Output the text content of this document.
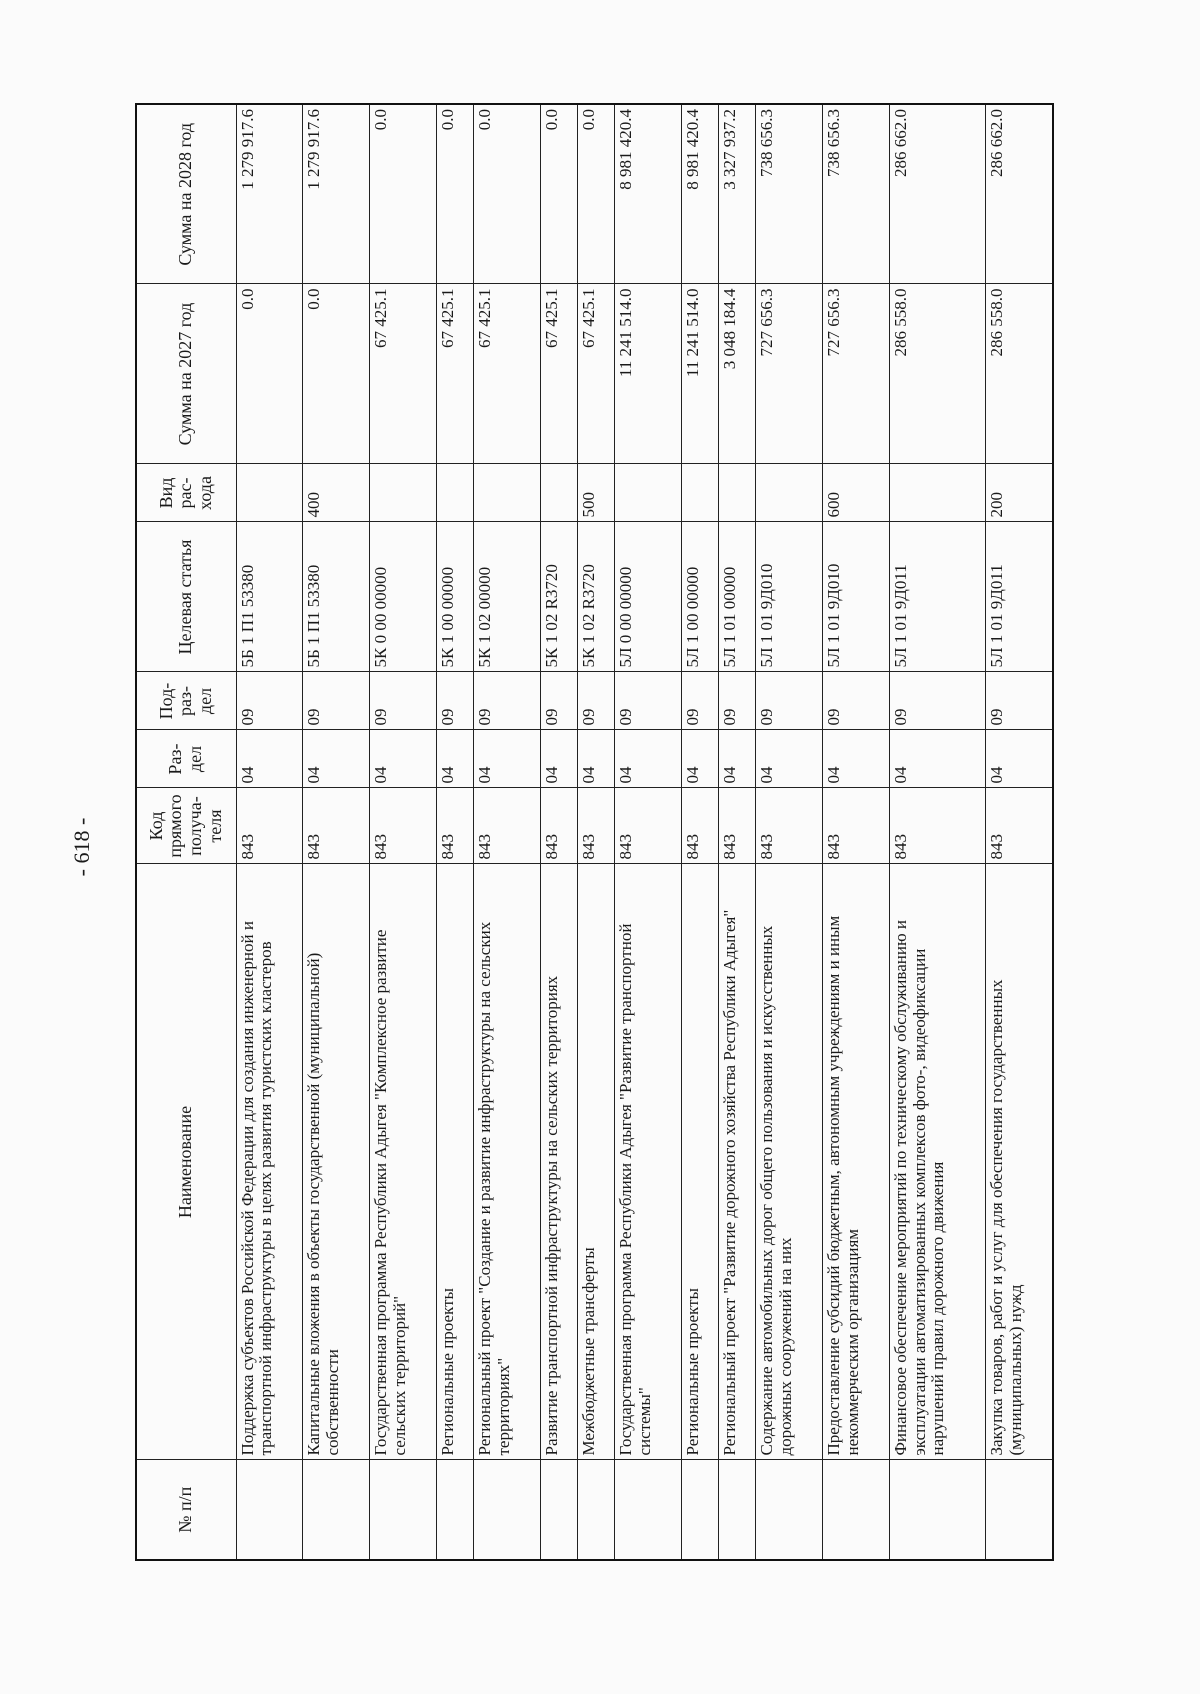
- 618 -
№ п/п	Наименование	Код прямого получа-теля	Раз-дел	Под-раз-дел	Целевая статья	Вид рас-хода	Сумма на 2027 год	Сумма на 2028 год
	Поддержка субъектов Российской Федерации для создания инженерной и транспортной инфраструктуры в целях развития туристских кластеров	843	04	09	5Б 1 П1 53380		0.0	1 279 917.6
	Капитальные вложения в объекты государственной (муниципальной) собственности	843	04	09	5Б 1 П1 53380	400	0.0	1 279 917.6
	Государственная программа Республики Адыгея "Комплексное развитие сельских территорий"	843	04	09	5К 0 00 00000		67 425.1	0.0
	Региональные проекты	843	04	09	5К 1 00 00000		67 425.1	0.0
	Региональный проект "Создание и развитие инфраструктуры на сельских территориях"	843	04	09	5К 1 02 00000		67 425.1	0.0
	Развитие транспортной инфраструктуры на сельских территориях	843	04	09	5К 1 02 R3720		67 425.1	0.0
	Межбюджетные трансферты	843	04	09	5К 1 02 R3720	500	67 425.1	0.0
	Государственная программа Республики Адыгея "Развитие транспортной системы"	843	04	09	5Л 0 00 00000		11 241 514.0	8 981 420.4
	Региональные проекты	843	04	09	5Л 1 00 00000		11 241 514.0	8 981 420.4
	Региональный проект "Развитие дорожного хозяйства Республики Адыгея"	843	04	09	5Л 1 01 00000		3 048 184.4	3 327 937.2
	Содержание автомобильных дорог общего пользования и искусственных дорожных сооружений на них	843	04	09	5Л 1 01 9Д010		727 656.3	738 656.3
	Предоставление субсидий бюджетным, автономным учреждениям и иным некоммерческим организациям	843	04	09	5Л 1 01 9Д010	600	727 656.3	738 656.3
	Финансовое обеспечение мероприятий по техническому обслуживанию и эксплуатации автоматизированных комплексов фото-, видеофиксации нарушений правил дорожного движения	843	04	09	5Л 1 01 9Д011		286 558.0	286 662.0
	Закупка товаров, работ и услуг для обеспечения государственных (муниципальных) нужд	843	04	09	5Л 1 01 9Д011	200	286 558.0	286 662.0
